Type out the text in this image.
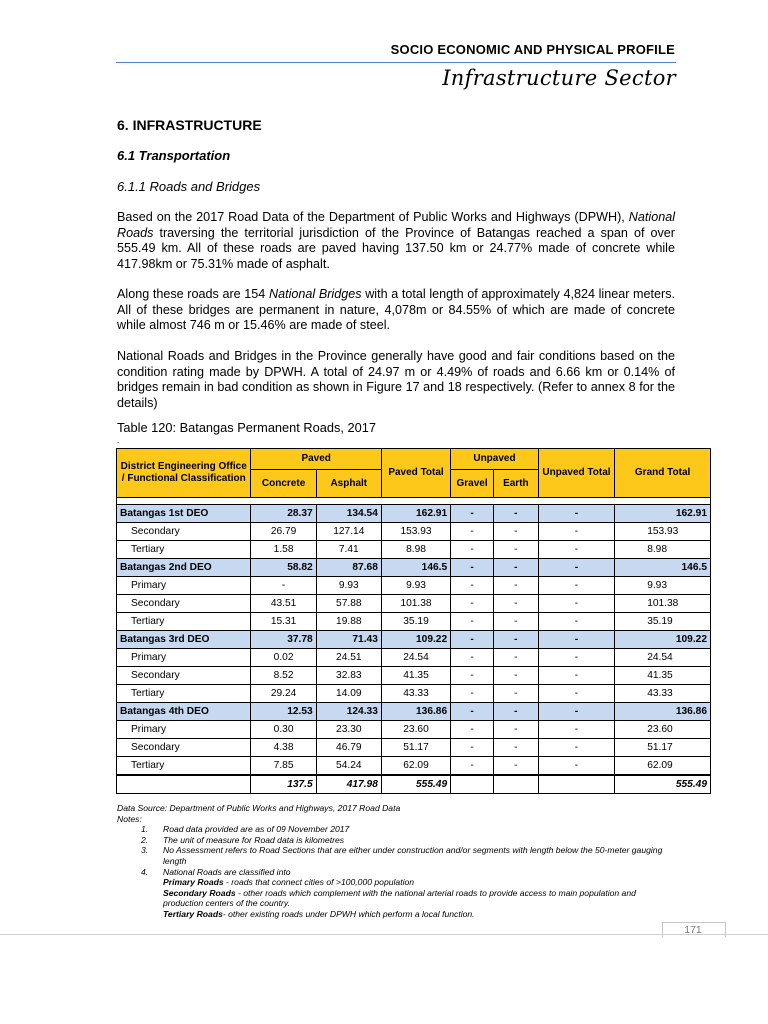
SOCIO ECONOMIC AND PHYSICAL PROFILE
Infrastructure Sector
6. INFRASTRUCTURE
6.1 Transportation
6.1.1 Roads and Bridges

Based on the 2017 Road Data of the Department of Public Works and Highways (DPWH), National Roads traversing the territorial jurisdiction of the Province of Batangas reached a span of over 555.49 km. All of these roads are paved having 137.50 km or 24.77% made of concrete while 417.98km or 75.31% made of asphalt.

Along these roads are 154 National Bridges with a total length of approximately 4,824 linear meters. All of these bridges are permanent in nature, 4,078m or 84.55% of which are made of concrete while almost 746 m or 15.46% are made of steel.

National Roads and Bridges in the Province generally have good and fair conditions based on the condition rating made by DPWH. A total of 24.97 m or 4.49% of roads and 6.66 km or 0.14% of bridges remain in bad condition as shown in Figure 17 and 18 respectively. (Refer to annex 8 for the details)

Table 120: Batangas Permanent Roads, 2017
.
District Engineering Office / Functional Classification	Paved		Paved Total	Unpaved		Unpaved Total	Grand Total
	Concrete	Asphalt		Gravel	Earth		

Batangas 1st DEO	28.37	134.54	162.91	-	-	-	162.91
Secondary	26.79	127.14	153.93	-	-	-	153.93
Tertiary	1.58	7.41	8.98	-	-	-	8.98
Batangas 2nd DEO	58.82	87.68	146.5	-	-	-	146.5
Primary	-	9.93	9.93	-	-	-	9.93
Secondary	43.51	57.88	101.38	-	-	-	101.38
Tertiary	15.31	19.88	35.19	-	-	-	35.19
Batangas 3rd DEO	37.78	71.43	109.22	-	-	-	109.22
Primary	0.02	24.51	24.54	-	-	-	24.54
Secondary	8.52	32.83	41.35	-	-	-	41.35
Tertiary	29.24	14.09	43.33	-	-	-	43.33
Batangas 4th DEO	12.53	124.33	136.86	-	-	-	136.86
Primary	0.30	23.30	23.60	-	-	-	23.60
Secondary	4.38	46.79	51.17	-	-	-	51.17
Tertiary	7.85	54.24	62.09	-	-	-	62.09
	137.5	417.98	555.49				555.49
Data Source: Department of Public Works and Highways, 2017 Road Data
Notes:
1. Road data provided are as of 09 November 2017
2. The unit of measure for Road data is kilometres
3. No Assessment refers to Road Sections that are either under construction and/or segments with length below the 50-meter gauging length
4. National Roads are classified into
Primary Roads - roads that connect cities of >100,000 population
Secondary Roads - other roads which complement with the national arterial roads to provide access to main population and production centers of the country.
Tertiary Roads- other existing roads under DPWH which perform a local function.
171
